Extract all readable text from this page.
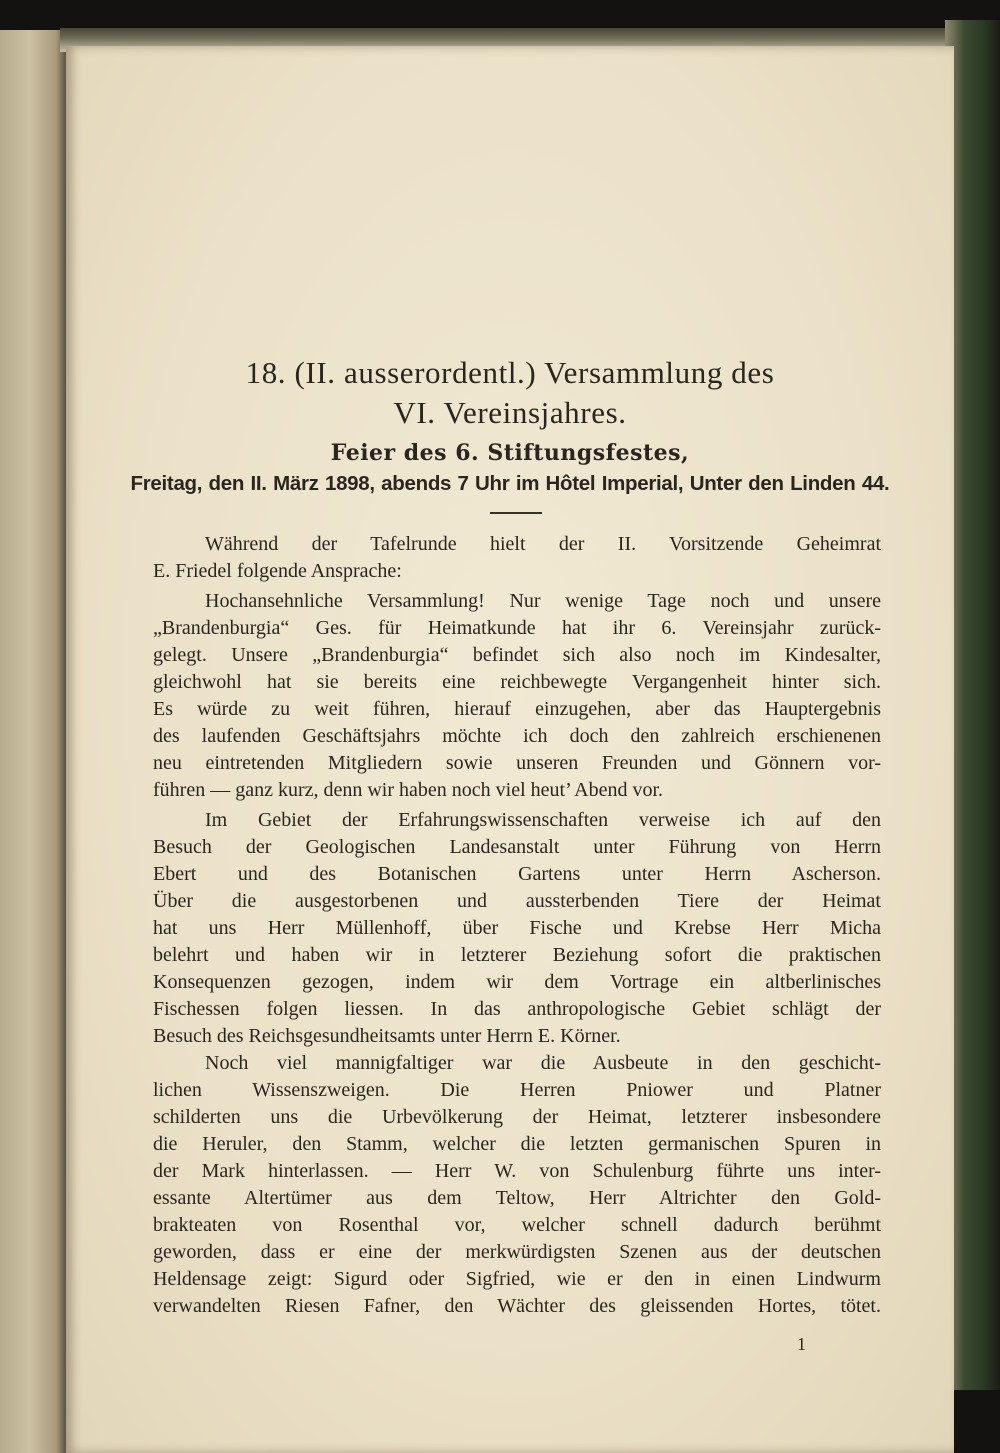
18. (II. ausserordentl.) Versammlung des
VI. Vereinsjahres.
Feier des 6. Stiftungsfestes,
Freitag, den II. März 1898, abends 7 Uhr im Hôtel Imperial, Unter den Linden 44.
Während der Tafelrunde hielt der II. Vorsitzende Geheimrat
E. Friedel folgende Ansprache:
Hochansehnliche Versammlung! Nur wenige Tage noch und unsere
„Brandenburgia“ Ges. für Heimatkunde hat ihr 6. Vereinsjahr zurück-
gelegt. Unsere „Brandenburgia“ befindet sich also noch im Kindesalter,
gleichwohl hat sie bereits eine reichbewegte Vergangenheit hinter sich.
Es würde zu weit führen, hierauf einzugehen, aber das Hauptergebnis
des laufenden Geschäftsjahrs möchte ich doch den zahlreich erschienenen
neu eintretenden Mitgliedern sowie unseren Freunden und Gönnern vor-
führen — ganz kurz, denn wir haben noch viel heut’ Abend vor.
Im Gebiet der Erfahrungswissenschaften verweise ich auf den
Besuch der Geologischen Landesanstalt unter Führung von Herrn
Ebert und des Botanischen Gartens unter Herrn Ascherson.
Über die ausgestorbenen und aussterbenden Tiere der Heimat
hat uns Herr Müllenhoff, über Fische und Krebse Herr Micha
belehrt und haben wir in letzterer Beziehung sofort die praktischen
Konsequenzen gezogen, indem wir dem Vortrage ein altberlinisches
Fischessen folgen liessen. In das anthropologische Gebiet schlägt der
Besuch des Reichsgesundheitsamts unter Herrn E. Körner.
Noch viel mannigfaltiger war die Ausbeute in den geschicht-
lichen Wissenszweigen. Die Herren Pniower und Platner
schilderten uns die Urbevölkerung der Heimat, letzterer insbesondere
die Heruler, den Stamm, welcher die letzten germanischen Spuren in
der Mark hinterlassen. — Herr W. von Schulenburg führte uns inter-
essante Altertümer aus dem Teltow, Herr Altrichter den Gold-
brakteaten von Rosenthal vor, welcher schnell dadurch berühmt
geworden, dass er eine der merkwürdigsten Szenen aus der deutschen
Heldensage zeigt: Sigurd oder Sigfried, wie er den in einen Lindwurm
verwandelten Riesen Fafner, den Wächter des gleissenden Hortes, tötet.
1
